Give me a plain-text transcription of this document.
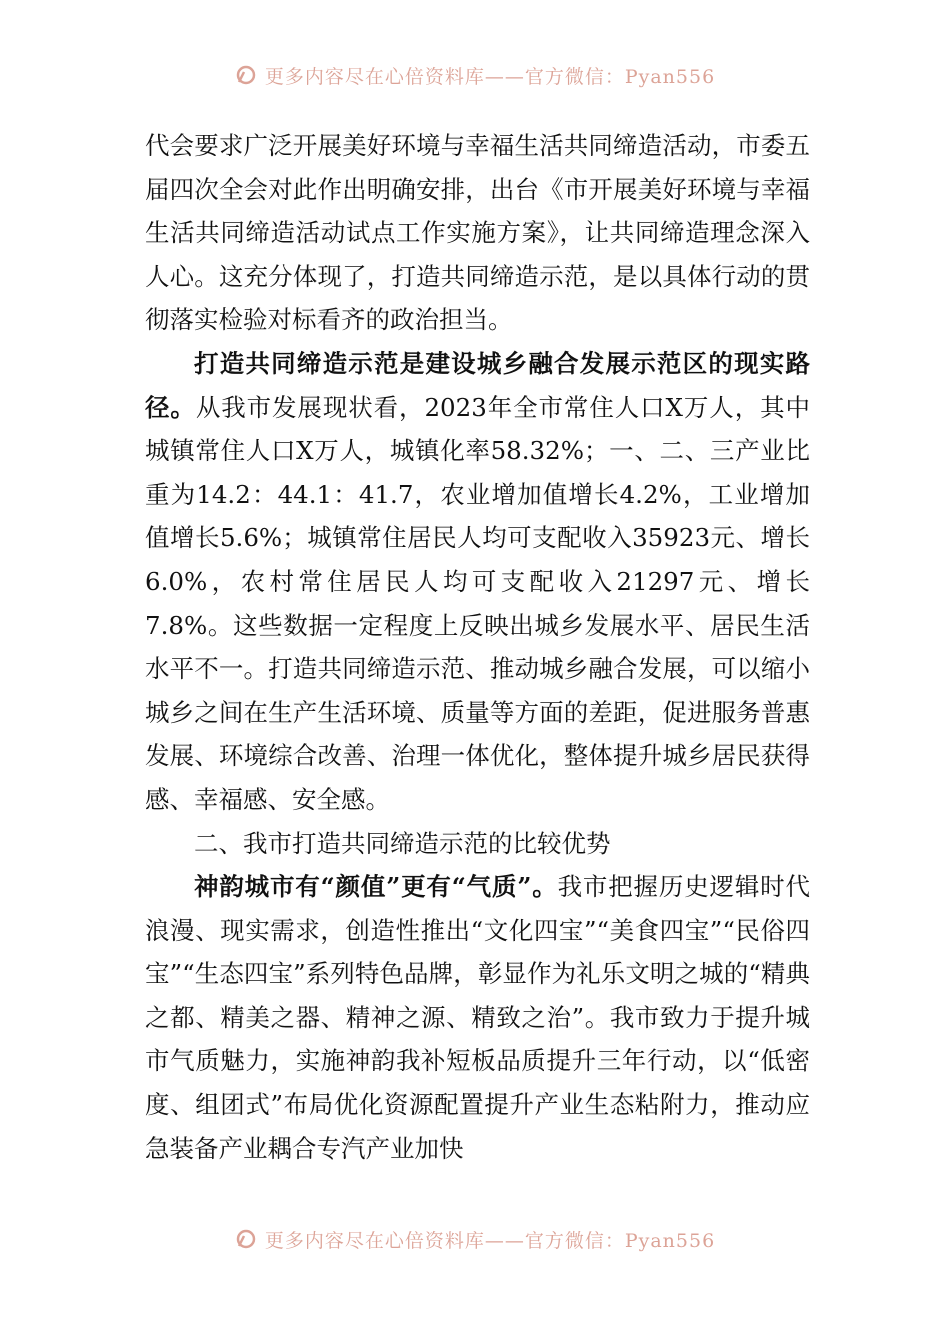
更多内容尽在心倍资料库——官方微信：Pyan556

代会要求广泛开展美好环境与幸福生活共同缔造活动，市委五届四次全会对此作出明确安排，出台《市开展美好环境与幸福生活共同缔造活动试点工作实施方案》，让共同缔造理念深入人心。这充分体现了，打造共同缔造示范，是以具体行动的贯彻落实检验对标看齐的政治担当。

打造共同缔造示范是建设城乡融合发展示范区的现实路径。从我市发展现状看，2023年全市常住人口X万人，其中城镇常住人口X万人，城镇化率58.32%；一、二、三产业比重为14.2：44.1：41.7，农业增加值增长4.2%，工业增加值增长5.6%；城镇常住居民人均可支配收入35923元、增长6.0%，农村常住居民人均可支配收入21297元、增长7.8%。这些数据一定程度上反映出城乡发展水平、居民生活水平不一。打造共同缔造示范、推动城乡融合发展，可以缩小城乡之间在生产生活环境、质量等方面的差距，促进服务普惠发展、环境综合改善、治理一体优化，整体提升城乡居民获得感、幸福感、安全感。

二、我市打造共同缔造示范的比较优势

神韵城市有“颜值”更有“气质”。我市把握历史逻辑时代浪漫、现实需求，创造性推出“文化四宝”“美食四宝”“民俗四宝”“生态四宝”系列特色品牌，彰显作为礼乐文明之城的“精典之都、精美之器、精神之源、精致之治”。我市致力于提升城市气质魅力，实施神韵我补短板品质提升三年行动，以“低密度、组团式”布局优化资源配置提升产业生态粘附力，推动应急装备产业耦合专汽产业加快

更多内容尽在心倍资料库——官方微信：Pyan556
